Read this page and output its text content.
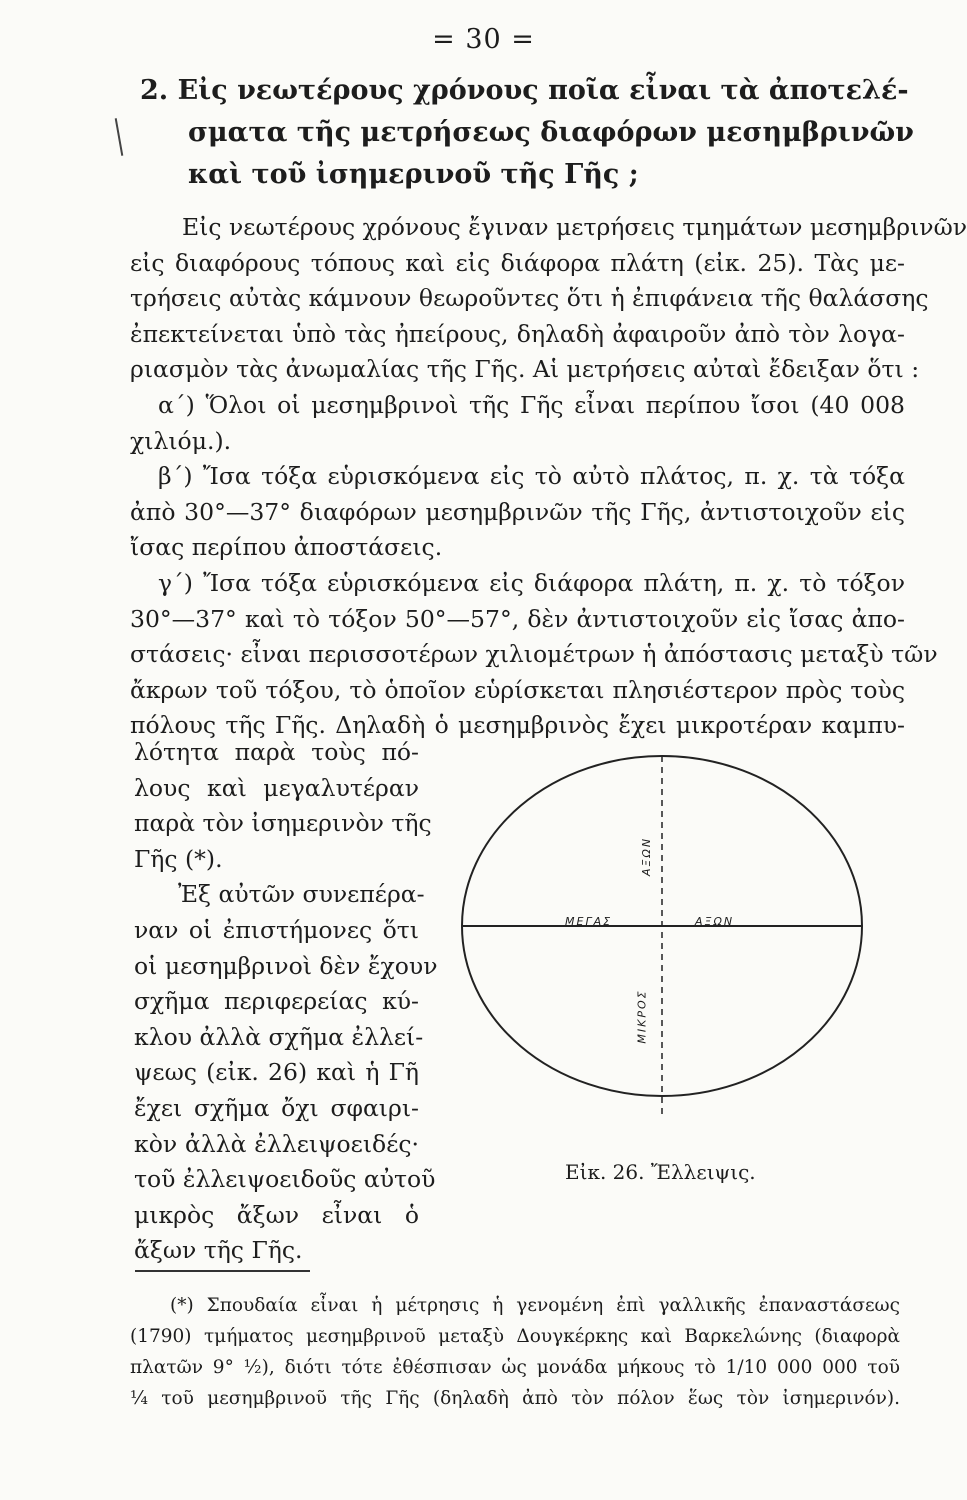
= 30 =
2. Εἰς νεωτέρους χρόνους ποῖα εἶναι τὰ ἀποτελέ-
σματα τῆς μετρήσεως διαφόρων μεσημβρινῶν
καὶ τοῦ ἰσημερινοῦ τῆς Γῆς ;
Εἰς νεωτέρους χρόνους ἔγιναν μετρήσεις τμημάτων μεσημβρινῶν
εἰς διαφόρους τόπους καὶ εἰς διάφορα πλάτη (εἰκ. 25). Τὰς με-
τρήσεις αὐτὰς κάμνουν θεωροῦντες ὅτι ἡ ἐπιφάνεια τῆς θαλάσσης
ἐπεκτείνεται ὑπὸ τὰς ἠπείρους, δηλαδὴ ἀφαιροῦν ἀπὸ τὸν λογα-
ριασμὸν τὰς ἀνωμαλίας τῆς Γῆς. Αἱ μετρήσεις αὐταὶ ἔδειξαν ὅτι :
α΄) Ὅλοι οἱ μεσημβρινοὶ τῆς Γῆς εἶναι περίπου ἴσοι (40 008
χιλιόμ.).
β΄) Ἴσα τόξα εὑρισκόμενα εἰς τὸ αὐτὸ πλάτος, π. χ. τὰ τόξα
ἀπὸ 30°—37° διαφόρων μεσημβρινῶν τῆς Γῆς, ἀντιστοιχοῦν εἰς
ἴσας περίπου ἀποστάσεις.
γ΄) Ἴσα τόξα εὑρισκόμενα εἰς διάφορα πλάτη, π. χ. τὸ τόξον
30°—37° καὶ τὸ τόξον 50°—57°, δὲν ἀντιστοιχοῦν εἰς ἴσας ἀπο-
στάσεις· εἶναι περισσοτέρων χιλιομέτρων ἡ ἀπόστασις μεταξὺ τῶν
ἄκρων τοῦ τόξου, τὸ ὁποῖον εὑρίσκεται πλησιέστερον πρὸς τοὺς
πόλους τῆς Γῆς. Δηλαδὴ ὁ μεσημβρινὸς ἔχει μικροτέραν καμπυ-
λότητα παρὰ τοὺς πό-
λους καὶ μεγαλυτέραν
παρὰ τὸν ἰσημερινὸν τῆς
Γῆς (*).
Ἐξ αὐτῶν συνεπέρα-
ναν οἱ ἐπιστήμονες ὅτι
οἱ μεσημβρινοὶ δὲν ἔχουν
σχῆμα περιφερείας κύ-
κλου ἀλλὰ σχῆμα ἐλλεί-
ψεως (εἰκ. 26) καὶ ἡ Γῆ
ἔχει σχῆμα ὄχι σφαιρι-
κὸν ἀλλὰ ἐλλειψοειδές·
τοῦ ἐλλειψοειδοῦς αὐτοῦ
μικρὸς ἄξων εἶναι ὁ
ἄξων τῆς Γῆς.
ΜΕΓΑΣ	ΑΞΩΝ
ΑΞΩΝ
ΜΙΚΡΟΣ
Εἰκ. 26. Ἔλλειψις.
(*) Σπουδαία εἶναι ἡ μέτρησις ἡ γενομένη ἐπὶ γαλλικῆς ἐπαναστάσεως
(1790) τμήματος μεσημβρινοῦ μεταξὺ Δουγκέρκης καὶ Βαρκελώνης (διαφορὰ
πλατῶν 9° ½), διότι τότε ἐθέσπισαν ὡς μονάδα μήκους τὸ 1/10 000 000 τοῦ
¼ τοῦ μεσημβρινοῦ τῆς Γῆς (δηλαδὴ ἀπὸ τὸν πόλον ἕως τὸν ἰσημερινόν).
